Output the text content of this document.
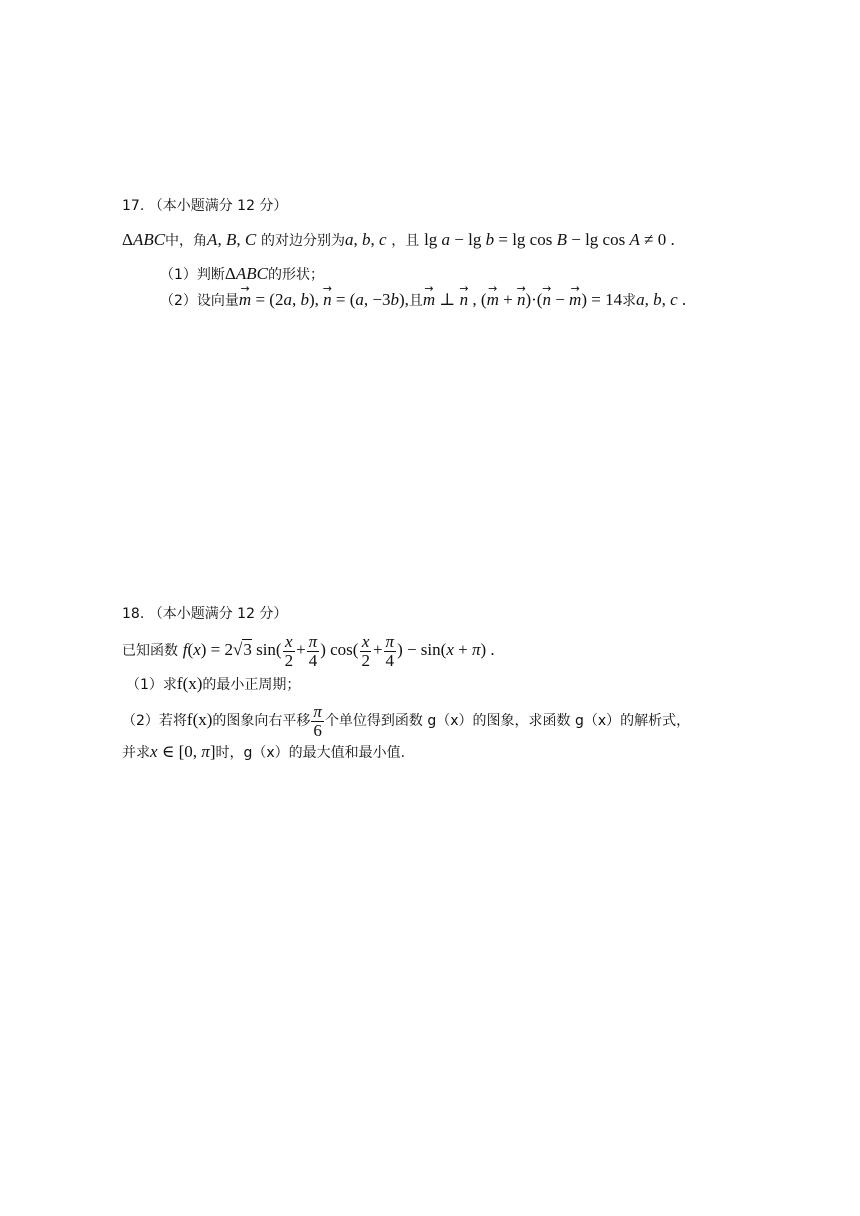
17. （本小题满分 12 分）
ΔABC中，角A, B, C 的对边分别为a, b, c ，且 lg a − lg b = lg cos B − lg cos A ≠ 0 .
（1）判断ΔABC的形状；
（2）设向量→ m = (2a, b), → n = (a, −3b),且→ m ⊥ → n , (→ m + → n)·(→ n − → m) = 14求a, b, c .
18. （本小题满分 12 分）
已知函数 f(x) = 2√3 $\sin( \frac{x}{2} + \frac{\pi}{4}$ ) $\cos( \frac{x}{2} + \frac{\pi}{4}$ ) − sin(x + π) .
（1）求f(x)的最小正周期；
（2）若将f(x)的图象向右平移 $\frac{\pi}{6}$ 个单位得到函数 g（x）的图象，求函数 g（x）的解析式，
并求x ∈ [0, π]时，g（x）的最大值和最小值.
